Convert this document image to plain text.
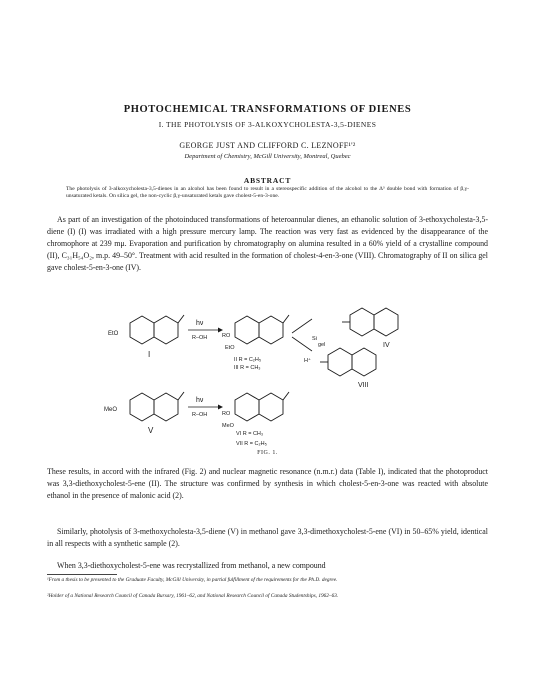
PHOTOCHEMICAL TRANSFORMATIONS OF DIENES
I. THE PHOTOLYSIS OF 3-ALKOXYCHOLESTA-3,5-DIENES
GEORGE JUST AND CLIFFORD C. LEZNOFF¹'²
Department of Chemistry, McGill University, Montreal, Quebec
ABSTRACT
The photolysis of 3-alkoxycholesta-3,5-dienes in an alcohol has been found to result in a stereospecific addition of the alcohol to the Δ³ double bond with formation of β,γ-unsaturated ketals. On silica gel, the non-cyclic β,γ-unsaturated ketals gave cholest-5-en-3-one.

As part of an investigation of the photoinduced transformations of heteroannular dienes, an ethanolic solution of 3-ethoxycholesta-3,5-diene (I) (I) was irradiated with a high pressure mercury lamp. The reaction was very fast as evidenced by the disappearance of the chromophore at 239 mμ. Evaporation and purification by chromatography on alumina resulted in a 60% yield of a crystalline compound (II), C₃₁H₅₄O₂, m.p. 49–50°. Treatment with acid resulted in the formation of cholest-4-en-3-one (VIII). Chromatography of II on silica gel gave cholest-5-en-3-one (IV).

EtO
I
hν
R–OH	RO
EtO
II R = C₂H₅
III R = CH₃
Si
gel
H⁺
IV
VIII
MeO
V
hν
R–OH	RO
MeO
VI R = CH₃
VII R = C₂H₅
FIG. 1.

These results, in accord with the infrared (Fig. 2) and nuclear magnetic resonance (n.m.r.) data (Table I), indicated that the photoproduct was 3,3-diethoxycholest-5-ene (II). The structure was confirmed by synthesis in which cholest-5-en-3-one was reacted with absolute ethanol in the presence of malonic acid (2).

Similarly, photolysis of 3-methoxycholesta-3,5-diene (V) in methanol gave 3,3-dimethoxycholest-5-ene (VI) in 50–65% yield, identical in all respects with a synthetic sample (2).

When 3,3-diethoxycholest-5-ene was recrystallized from methanol, a new compound

¹From a thesis to be presented to the Graduate Faculty, McGill University, in partial fulfillment of the requirements for the Ph.D. degree.

²Holder of a National Research Council of Canada Bursary, 1961–62, and National Research Council of Canada Studentships, 1962–63.
